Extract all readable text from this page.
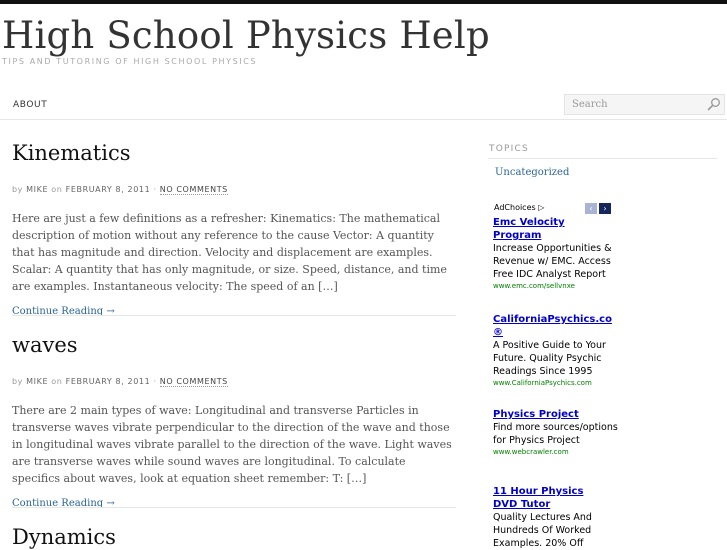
High School Physics Help
TIPS AND TUTORING OF HIGH SCHOOL PHYSICS
ABOUT
Search
Kinematics
by MIKE on FEBRUARY 8, 2011 · NO COMMENTS

Here are just a few definitions as a refresher: Kinematics: The mathematical description of motion without any reference to the cause Vector: A quantity that has magnitude and direction. Velocity and displacement are examples. Scalar: A quantity that has only magnitude, or size. Speed, distance, and time are examples. Instantaneous velocity: The speed of an […]

Continue Reading →
waves
by MIKE on FEBRUARY 8, 2011 · NO COMMENTS

There are 2 main types of wave: Longitudinal and transverse Particles in transverse waves vibrate perpendicular to the direction of the wave and those in longitudinal waves vibrate parallel to the direction of the wave. Light waves are transverse waves while sound waves are longitudinal. To calculate specifics about waves, look at equation sheet remember: T: […]

Continue Reading →
Dynamics
TOPICS
Uncategorized
AdChoices ▷	‹	›
Emc Velocity
Program
Increase Opportunities & Revenue w/ EMC. Access Free IDC Analyst Report
www.emc.com/sellvnxe
CaliforniaPsychics.co
®
A Positive Guide to Your Future. Quality Psychic Readings Since 1995
www.CaliforniaPsychics.com
Physics Project
Find more sources/options for Physics Project
www.webcrawler.com
11 Hour Physics
DVD Tutor
Quality Lectures And Hundreds Of Worked Examples. 20% Off
